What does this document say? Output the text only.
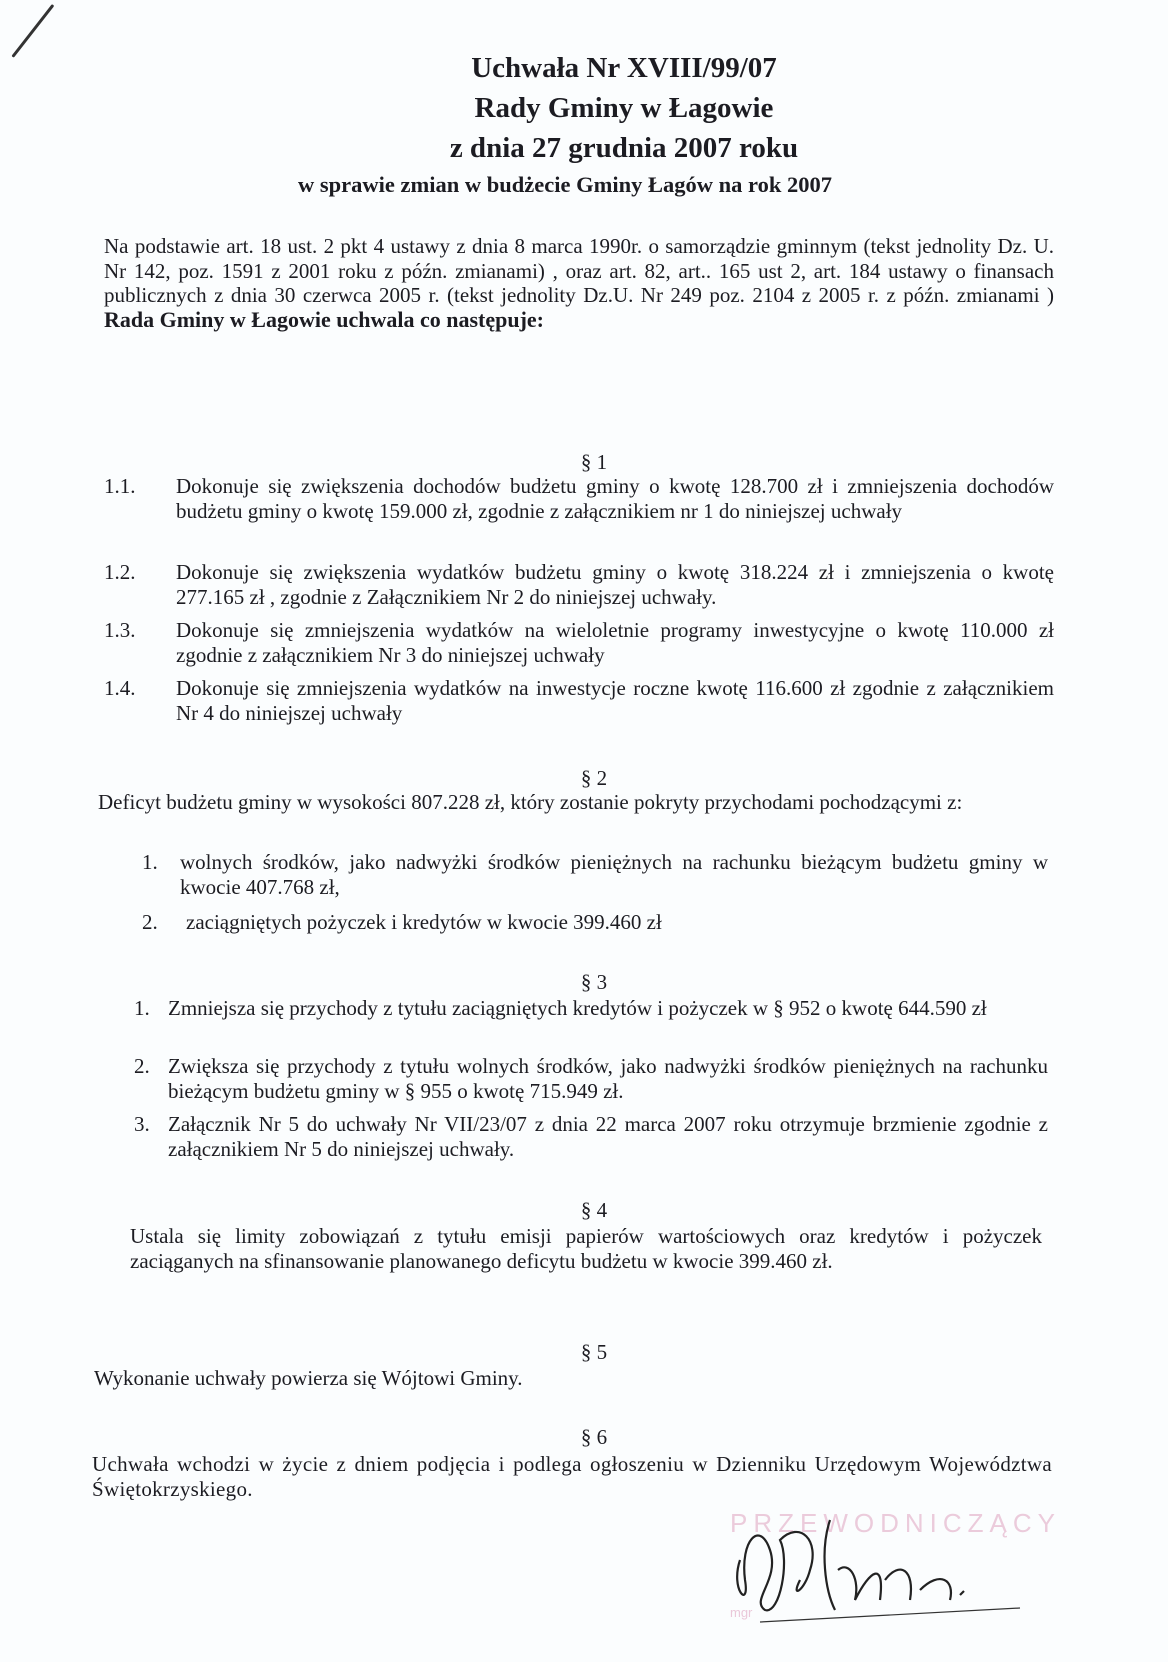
Uchwała Nr XVIII/99/07
Rady Gminy w Łagowie
z dnia 27 grudnia 2007 roku
w sprawie zmian w budżecie Gminy Łagów na rok 2007
Na podstawie art. 18 ust. 2 pkt 4 ustawy z dnia 8 marca 1990r. o samorządzie gminnym (tekst jednolity Dz. U. Nr 142, poz. 1591 z 2001 roku z późn. zmianami) , oraz art. 82, art.. 165 ust 2, art. 184 ustawy o finansach publicznych z dnia 30 czerwca 2005 r. (tekst jednolity Dz.U. Nr 249 poz. 2104 z 2005 r. z późn. zmianami ) Rada Gminy w Łagowie uchwala co następuje:
§ 1
1.1. Dokonuje się zwiększenia dochodów budżetu gminy o kwotę 128.700 zł i zmniejszenia dochodów budżetu gminy o kwotę 159.000 zł, zgodnie z załącznikiem nr 1 do niniejszej uchwały
1.2. Dokonuje się zwiększenia wydatków budżetu gminy o kwotę 318.224 zł i zmniejszenia o kwotę 277.165 zł , zgodnie z Załącznikiem Nr 2 do niniejszej uchwały.
1.3. Dokonuje się zmniejszenia wydatków na wieloletnie programy inwestycyjne o kwotę 110.000 zł zgodnie z załącznikiem Nr 3 do niniejszej uchwały
1.4. Dokonuje się zmniejszenia wydatków na inwestycje roczne kwotę 116.600 zł zgodnie z załącznikiem Nr 4 do niniejszej uchwały
§ 2
Deficyt budżetu gminy w wysokości 807.228 zł, który zostanie pokryty przychodami pochodzącymi z:
1. wolnych środków, jako nadwyżki środków pieniężnych na rachunku bieżącym budżetu gminy w kwocie 407.768 zł,
2. zaciągniętych pożyczek i kredytów w kwocie 399.460 zł
§ 3
1. Zmniejsza się przychody z tytułu zaciągniętych kredytów i pożyczek w § 952 o kwotę 644.590 zł
2. Zwiększa się przychody z tytułu wolnych środków, jako nadwyżki środków pieniężnych na rachunku bieżącym budżetu gminy w § 955 o kwotę 715.949 zł.
3. Załącznik Nr 5 do uchwały Nr VII/23/07 z dnia 22 marca 2007 roku otrzymuje brzmienie zgodnie z załącznikiem Nr 5 do niniejszej uchwały.
§ 4
Ustala się limity zobowiązań z tytułu emisji papierów wartościowych oraz kredytów i pożyczek zaciąganych na sfinansowanie planowanego deficytu budżetu w kwocie 399.460 zł.
§ 5
Wykonanie uchwały powierza się Wójtowi Gminy.
§ 6
Uchwała wchodzi w życie z dniem podjęcia i podlega ogłoszeniu w Dzienniku Urzędowym Województwa Świętokrzyskiego.
PRZEWODNICZĄCY
mgr
